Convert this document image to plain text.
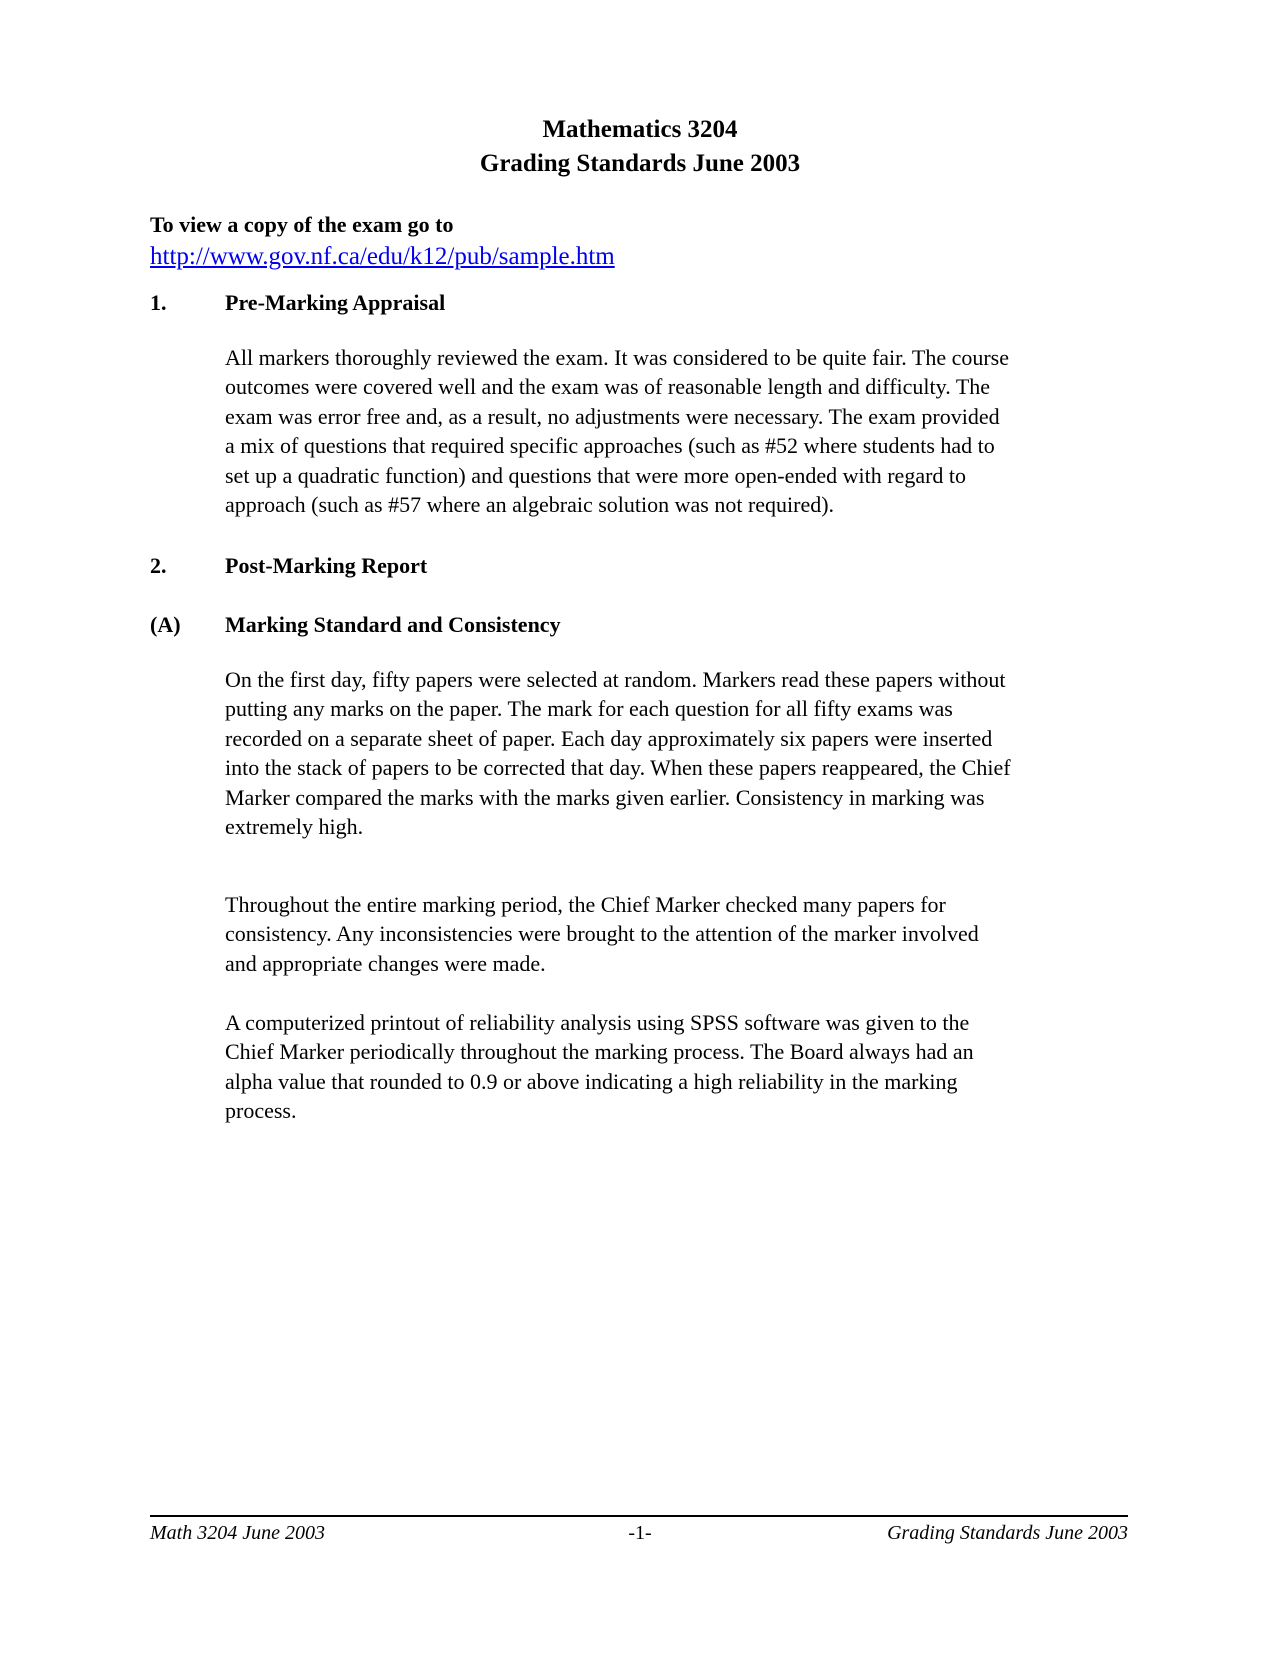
Mathematics 3204
Grading Standards June 2003
To view a copy of the exam go to
http://www.gov.nf.ca/edu/k12/pub/sample.htm
1.	Pre-Marking Appraisal
All markers thoroughly reviewed the exam. It was considered to be quite fair. The course
outcomes were covered well and the exam was of reasonable length and difficulty. The
exam was error free and, as a result, no adjustments were necessary. The exam provided
a mix of questions that required specific approaches (such as #52 where students had to
set up a quadratic function) and questions that were more open-ended with regard to
approach (such as #57 where an algebraic solution was not required).
2.	Post-Marking Report
(A) Marking Standard and Consistency
On the first day, fifty papers were selected at random. Markers read these papers without
putting any marks on the paper. The mark for each question for all fifty exams was
recorded on a separate sheet of paper. Each day approximately six papers were inserted
into the stack of papers to be corrected that day. When these papers reappeared, the Chief
Marker compared the marks with the marks given earlier. Consistency in marking was
extremely high.
Throughout the entire marking period, the Chief Marker checked many papers for
consistency. Any inconsistencies were brought to the attention of the marker involved
and appropriate changes were made.
A computerized printout of reliability analysis using SPSS software was given to the
Chief Marker periodically throughout the marking process. The Board always had an
alpha value that rounded to 0.9 or above indicating a high reliability in the marking
process.
Math 3204 June 2003	-1-	Grading Standards June 2003
